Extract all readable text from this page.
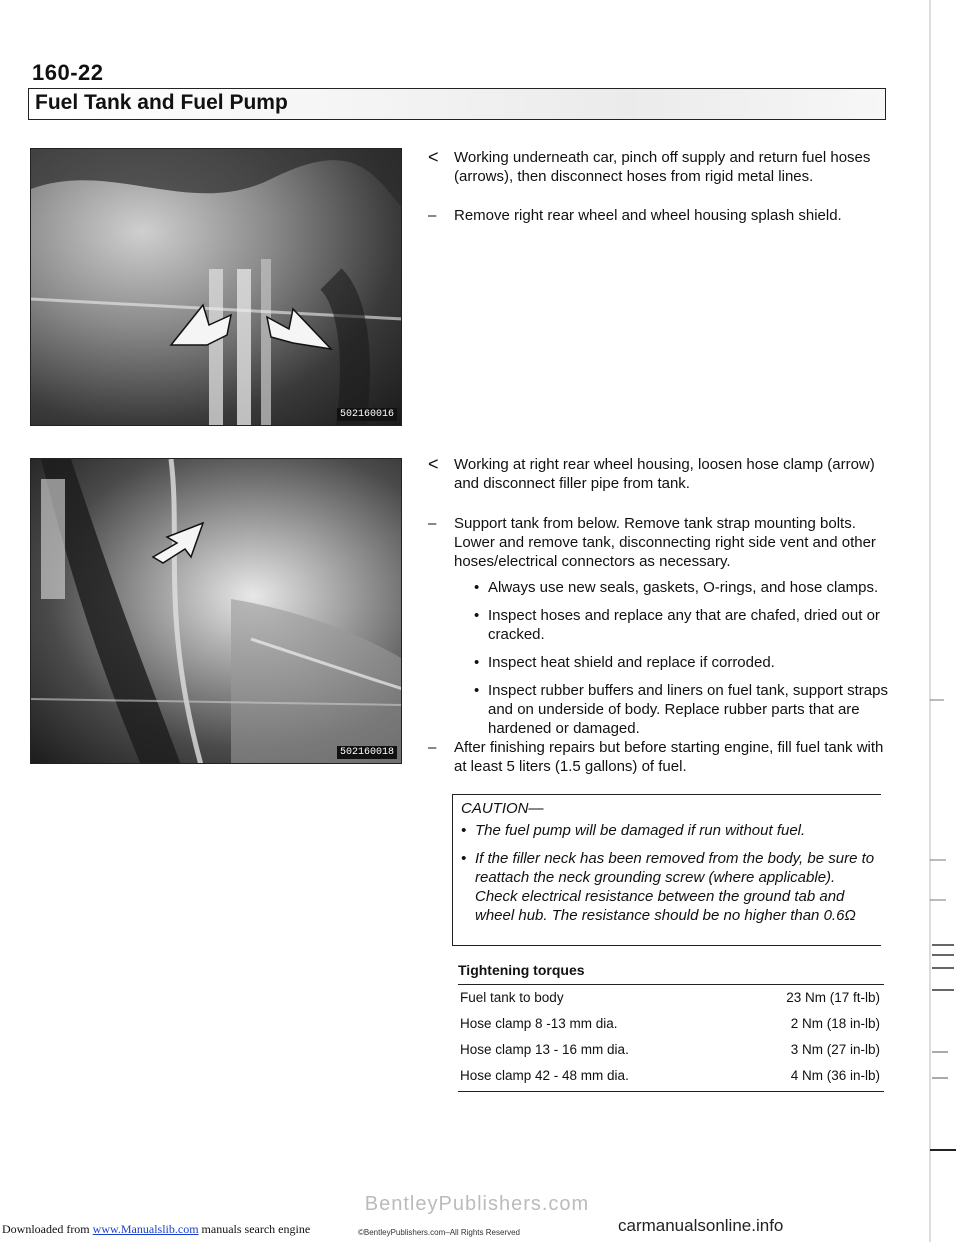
160-22
Fuel Tank and Fuel Pump
502160016
502160018
< Working underneath car, pinch off supply and return fuel hoses (arrows), then disconnect hoses from rigid metal lines.
– Remove right rear wheel and wheel housing splash shield.
< Working at right rear wheel housing, loosen hose clamp (arrow) and disconnect filler pipe from tank.
– Support tank from below. Remove tank strap mounting bolts. Lower and remove tank, disconnecting right side vent and other hoses/electrical connectors as necessary.
• Always use new seals, gaskets, O-rings, and hose clamps.
• Inspect hoses and replace any that are chafed, dried out or cracked.
• Inspect heat shield and replace if corroded.
• Inspect rubber buffers and liners on fuel tank, support straps and on underside of body. Replace rubber parts that are hardened or damaged.
– After finishing repairs but before starting engine, fill fuel tank with at least 5 liters (1.5 gallons) of fuel.
CAUTION—
• The fuel pump will be damaged if run without fuel.
• If the filler neck has been removed from the body, be sure to reattach the neck grounding screw (where applicable). Check electrical resistance between the ground tab and wheel hub. The resistance should be no higher than 0.6Ω
Tightening torques
Fuel tank to body	23 Nm (17 ft-lb)
Hose clamp 8 -13 mm dia.	2 Nm (18 in-lb)
Hose clamp 13 - 16 mm dia.	3 Nm (27 in-lb)
Hose clamp 42 - 48 mm dia.	4 Nm (36 in-lb)
Downloaded from www.Manualslib.com manuals search engine
BentleyPublishers.com
©BentleyPublishers.com–All Rights Reserved	carmanualsonline.info
